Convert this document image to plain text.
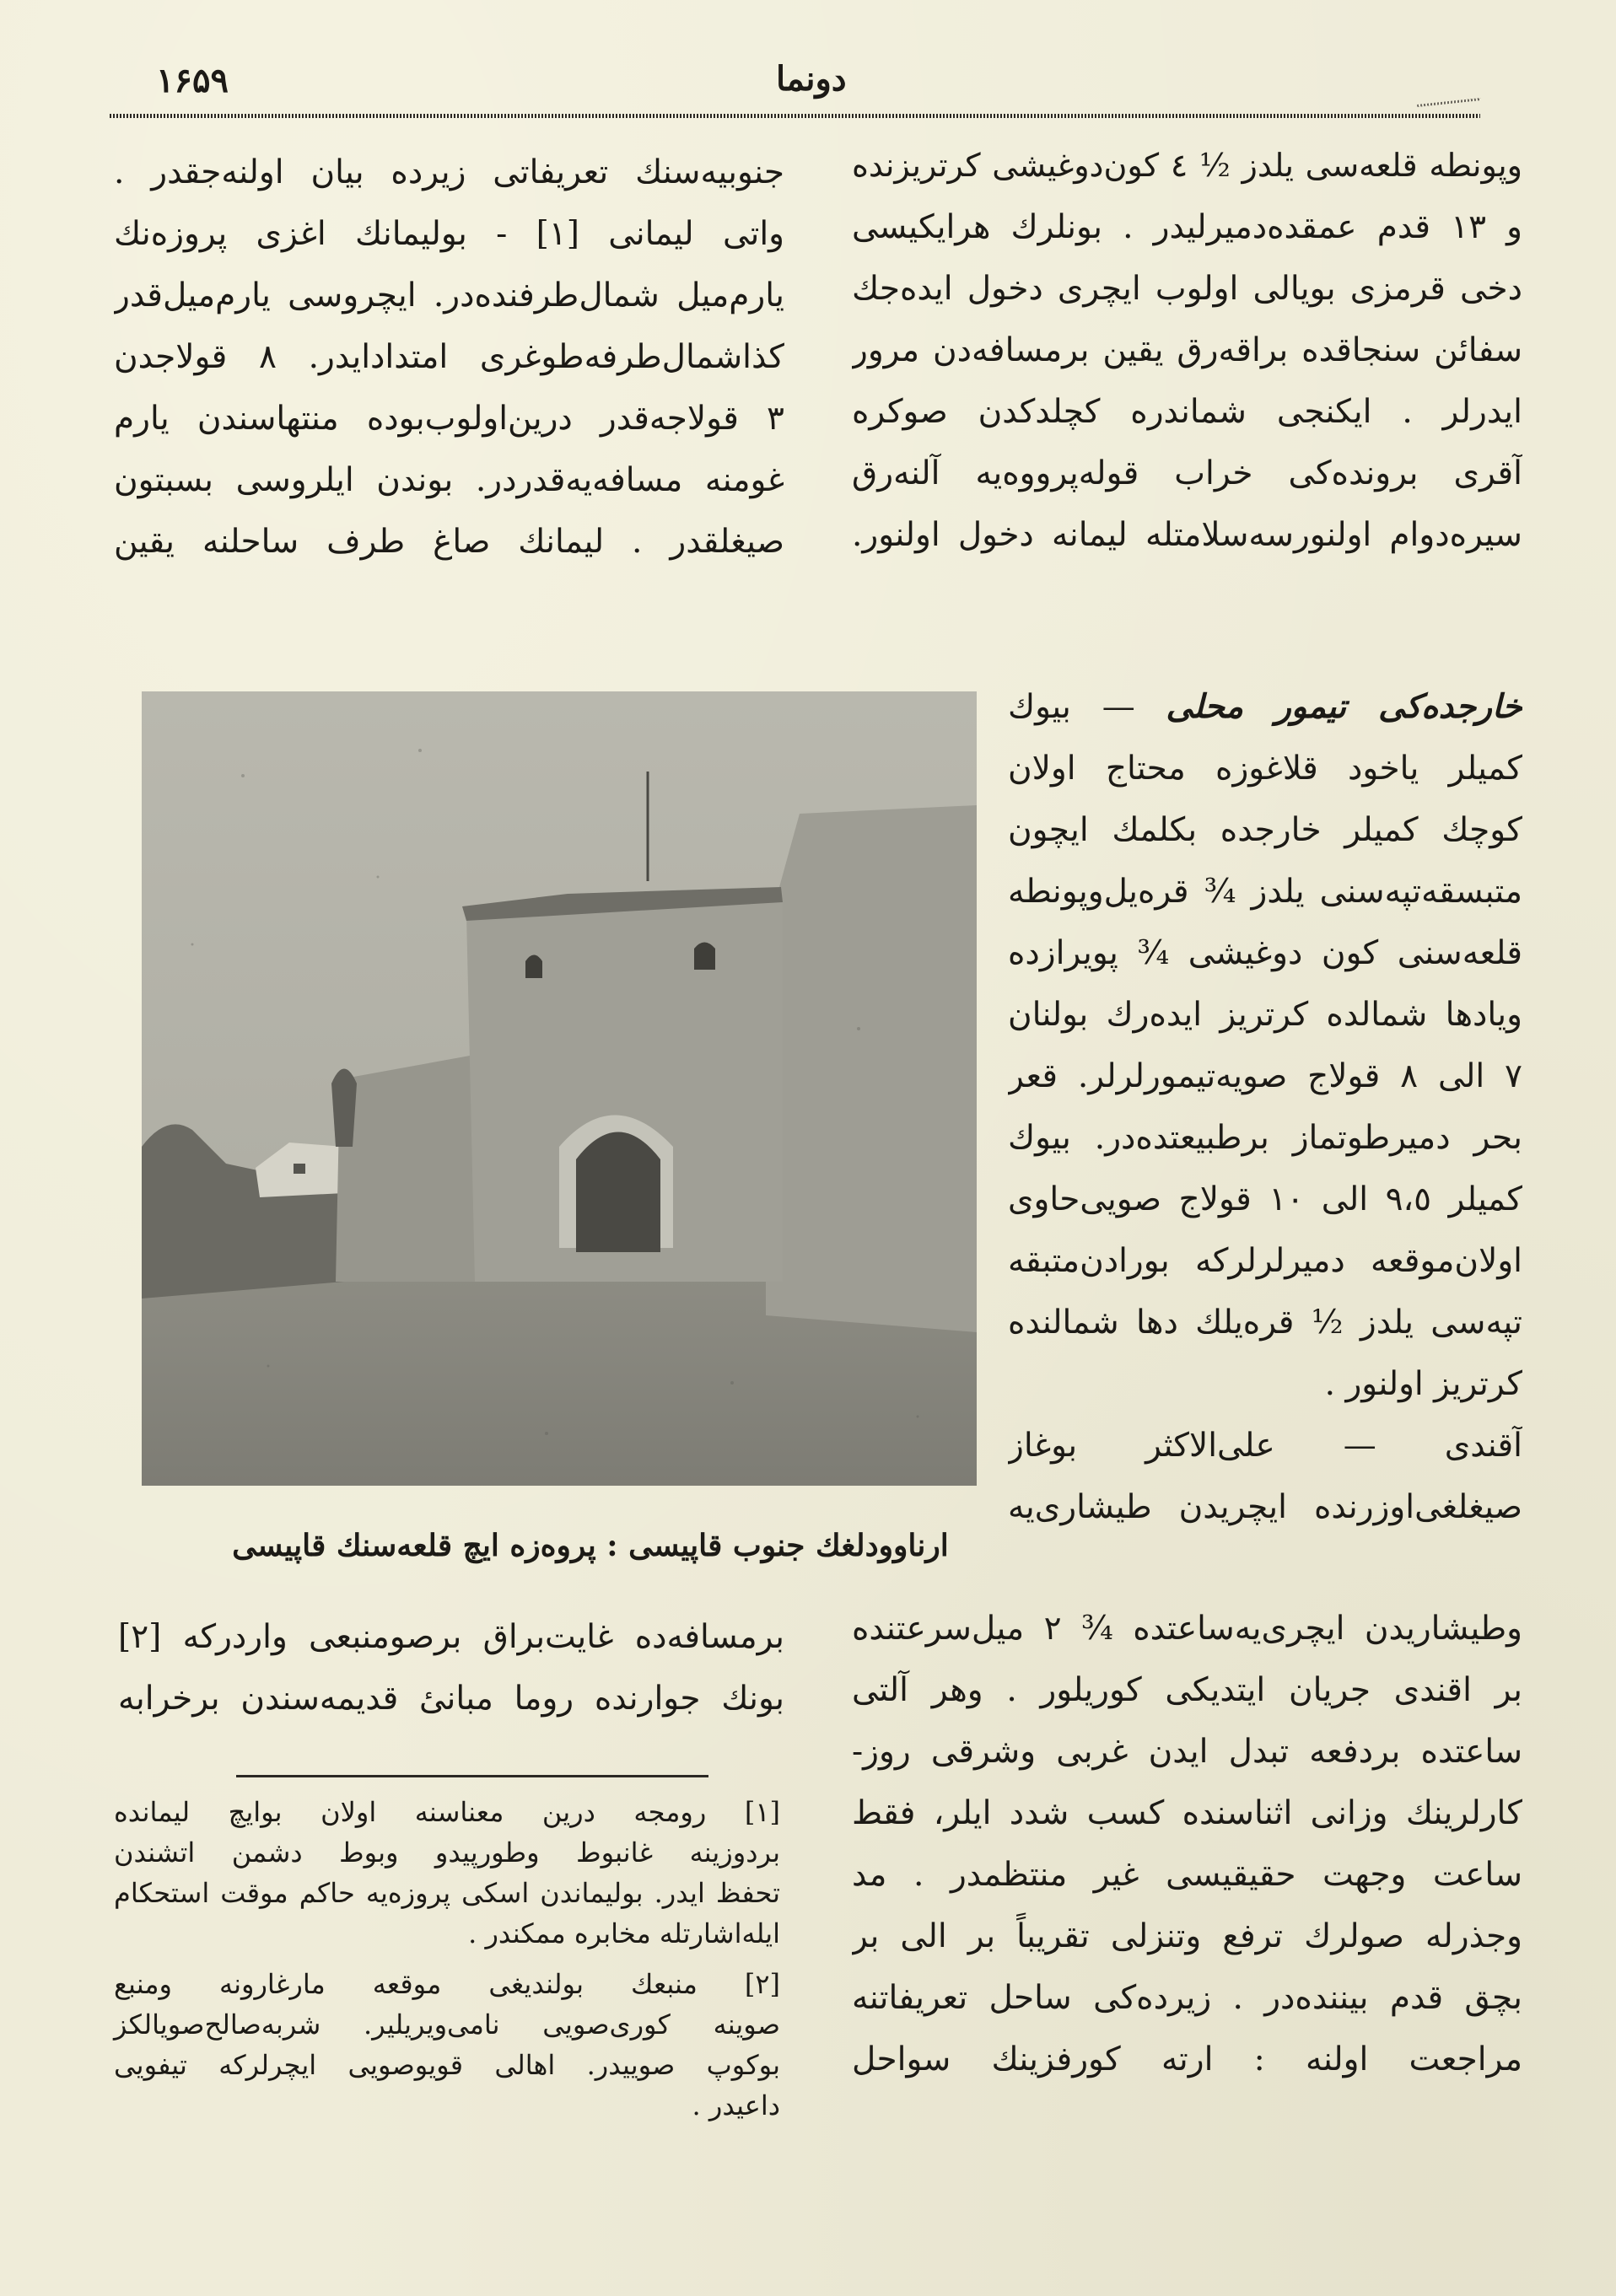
۱۶۵۹	دونما
وپونطه قلعه‌سی یلدز ½ ٤ کون‌دوغیشی کرتریزنده
و ۱۳ قدم عمقده‌دمیرلیدر . بونلرك هرایکیسی
دخی قرمزی بویالی اولوب ایچری دخول ایده‌جك
سفائن سنجاقده براقه‌رق یقین برمسافه‌دن مرور
ایدرلر . ایکنجی شماندره کچلدکدن صوکره
آقری برونده‌کی خراب قوله‌پرووه‌یه آلنه‌رق
سیره‌دوام اولنورسه‌سلامتله لیمانه دخول اولنور.
جنوبیه‌سنك تعریفاتی زیرده بیان اولنه‌جقدر .
واتی لیمانی [۱] - بولیمانك اغزی پروزه‌نك
یارم‌میل شمال‌طرفنده‌در. ایچروسی یارم‌میل‌قدر
کذاشمال‌طرفه‌طوغری امتدادایدر. ۸ قولاجدن
۳ قولاجه‌قدر درین‌اولوب‌بوده منتهاسندن یارم
غومنه مسافه‌یه‌قدردر. بوندن ایلروسی بسبتون
صیغلقدر . لیمانك صاغ طرف ساحلنه یقین
ارناوودلغك جنوب قاپیسی : پروه‌زه ایچ قلعه‌سنك قاپیسی
خارجده‌کی تیمور محلی — بیوك
کمیلر یاخود قلاغوزه محتاج اولان
کوچك کمیلر خارجده بکلمك ایچون
متبسقه‌تپه‌سنی یلدز ¾ قره‌یل‌وپونطه
قلعه‌سنی کون دوغیشی ¾ پویرازده
ویادها شمالده کرتریز ایده‌رك بولنان
۷ الی ۸ قولاج صویه‌تیمورلرلر. قعر
بحر دمیرطوتماز برطبیعتده‌در. بیوك
کمیلر ۹،٥ الی ۱۰ قولاج صویی‌حاوی
اولان‌موقعه دمیرلرلرکه بورادن‌متبقه
تپه‌سی یلدز ½ قره‌یلك دها شمالنده
کرتریز اولنور .
آقندی — علی‌الاکثر بوغاز
صیغلغی‌اوزرنده ایچریدن طیشاری‌یه
وطیشاریدن ایچری‌یه‌ساعتده ¾ ۲ میل‌سرعتنده
بر اقندی جریان ایتدیکی کوریلور . وهر آلتی
ساعتده بردفعه تبدل ایدن غربی وشرقی روز-
کارلرینك وزانی اثناسنده کسب شدد ایلر، فقط
ساعت وجهت حقیقیسی غیر منتظمدر . مد
وجذرله صولرك ترفع وتنزلی تقریباً بر الی بر
بچق قدم بیننده‌در . زیرده‌کی ساحل تعریفاتنه
مراجعت اولنه : ارته کورفزینك سواحل
برمسافه‌ده غایت‌براق برصومنبعی واردرکه [۲]
بونك جوارنده روما مبانیٔ قدیمه‌سندن برخرابه
[۱] رومجه درین معناسنه اولان بوایچ لیمانده
بردوزینه غانبوط وطورپیدو وبوط دشمن اتشندن
تحفظ ایدر. بولیماندن اسکی پروزه‌یه حاکم موقت استحکام
ایله‌اشارتله مخابره ممکندر .
[۲] منبعك بولندیغی موقعه مارغارونه ومنبع
صوینه کوری‌صویی نامی‌ویریلیر. شربه‌صالح‌صویالکز
بوکوپ صوییدر. اهالی قویوصویی ایچرلرکه تیفویی
داعیدر .
